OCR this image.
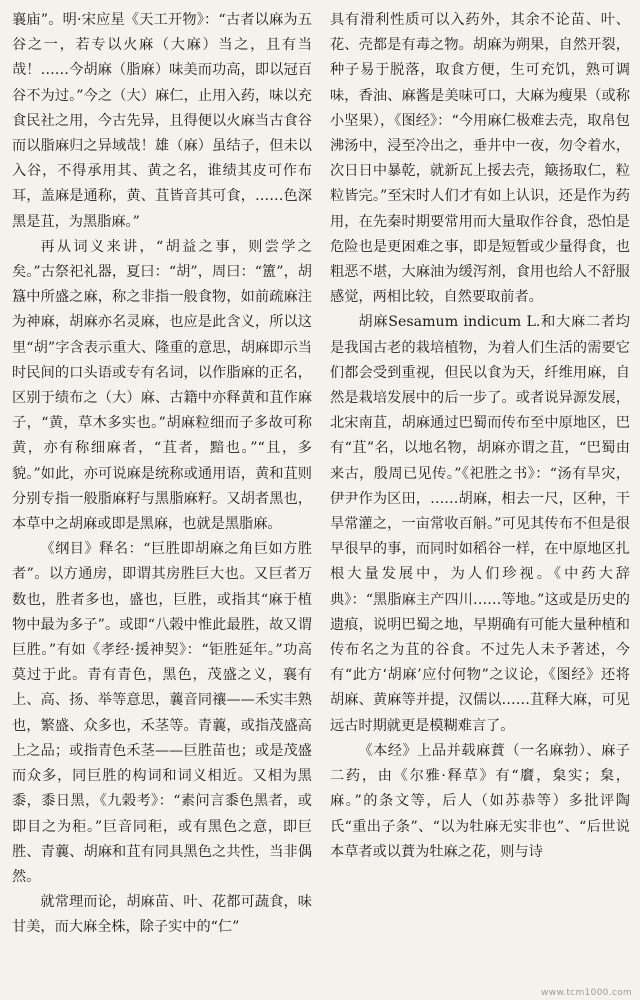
襄庙”。明·宋应星《天工开物》：“古者以麻为五谷之一，若专以火麻（大麻）当之，且有当哉！……今胡麻（脂麻）味美而功高，即以冠百谷不为过。”今之（大）麻仁，止用入药，味以充食民社之用，今古先异，且得便以火麻当古食谷而以脂麻归之异域哉！雄（麻）虽结子，但未以入谷，不得承用其、黄之名，谁绩其皮可作布耳，盖麻是通称，黄、苴皆音其可食，……色深黑是苴，为黑脂麻。”

再从词义来讲，“胡益之事，则尝学之矣。”古祭祀礼器，夏曰：“胡”，周曰：“簠”，胡簋中所盛之麻，称之非指一般食物，如前疏麻注为神麻，胡麻亦名灵麻，也应是此含义，所以这里“胡”字含表示重大、隆重的意思，胡麻即示当时民间的口头语或专有名词，以作脂麻的正名，区别于绩布之（大）麻、古籍中亦释黄和苴作麻子，“黄，草木多实也。”胡麻粒细而子多故可称黄，亦有称细麻者，“苴者，黯也。”“且，多貌。”如此，亦可说麻是统称或通用语，黄和苴则分别专指一般脂麻籽与黑脂麻籽。又胡者黑也，本草中之胡麻或即是黑麻，也就是黑脂麻。

《纲目》释名：“巨胜即胡麻之角巨如方胜者”。以方通房，即谓其房胜巨大也。又巨者万数也，胜者多也，盛也，巨胜，或指其“麻于植物中最为多子”。或即“八榖中惟此最胜，故又谓巨胜。”有如《孝经·援神契》：“钜胜延年。”功高莫过于此。青有青色，黑色，茂盛之义，襄有上、高、扬、举等意思，蘘音同禳——禾实丰熟也，繁盛、众多也，禾茎等。青蘘，或指茂盛高上之品；或指青色禾茎——巨胜苗也；或是茂盛而众多，同巨胜的构词和词义相近。又相为黑黍，黍日黑，《九榖考》：“素问言黍色黑者，或即目之为秬。”巨音同秬，或有黑色之意，即巨胜、青蘘、胡麻和苴有同具黑色之共性，当非偶然。

就常理而论，胡麻苗、叶、花都可蔬食，味甘美，而大麻全株，除子实中的“仁”

具有滑利性质可以入药外，其余不论苗、叶、花、壳都是有毒之物。胡麻为朔果，自然开裂，种子易于脱落，取食方便，生可充饥，熟可调味，香油、麻酱是美味可口，大麻为瘦果（或称小坚果），《图经》：“今用麻仁极难去壳，取帛包沸汤中，浸至冷出之，垂井中一夜，勿令着水，次日日中暴乾，就新瓦上挼去壳，簸扬取仁，粒粒皆完。”至宋时人们才有如上认识，还是作为药用，在先秦时期要常用而大量取作谷食，恐怕是危险也是更困难之事，即是短暂或少量得食，也粗恶不堪，大麻油为缓泻剂，食用也给人不舒服感觉，两相比较，自然要取前者。

胡麻Sesamum indicum L.和大麻二者均是我国古老的栽培植物，为着人们生活的需要它们都会受到重视，但民以食为天，纤维用麻，自然是栽培发展中的后一步了。或者说异源发展，北宋南苴，胡麻通过巴蜀而传布至中原地区，巴有“苴”名，以地名物，胡麻亦谓之苴，“巴蜀由来古，殷周已见传。”《祀胜之书》：“汤有旱灾，伊尹作为区田，……胡麻，相去一尺，区种，干旱常灌之，一亩常收百斛。”可见其传布不但是很早很早的事，而同时如稻谷一样，在中原地区扎根大量发展中，为人们珍视。《中药大辞典》：“黑脂麻主产四川……等地。”这或是历史的遗痕，说明巴蜀之地，早期确有可能大量种植和传布名之为苴的谷食。不过先人未予著述，今有“此方‘胡麻’应付何物”之议论，《图经》还将胡麻、黄麻等并提，汉儒以……苴释大麻，可见远古时期就更是模糊难言了。

《本经》上品并载麻蕡（一名麻勃）、麻子二药，由《尔雅·释草》有“黂，枲实；枲，麻。”的条文等，后人（如苏恭等）多批评陶氏“重出子条”、“以为牡麻无实非也”、“后世说本草者或以蕡为牡麻之花，则与诗

www.tcm1000.com
